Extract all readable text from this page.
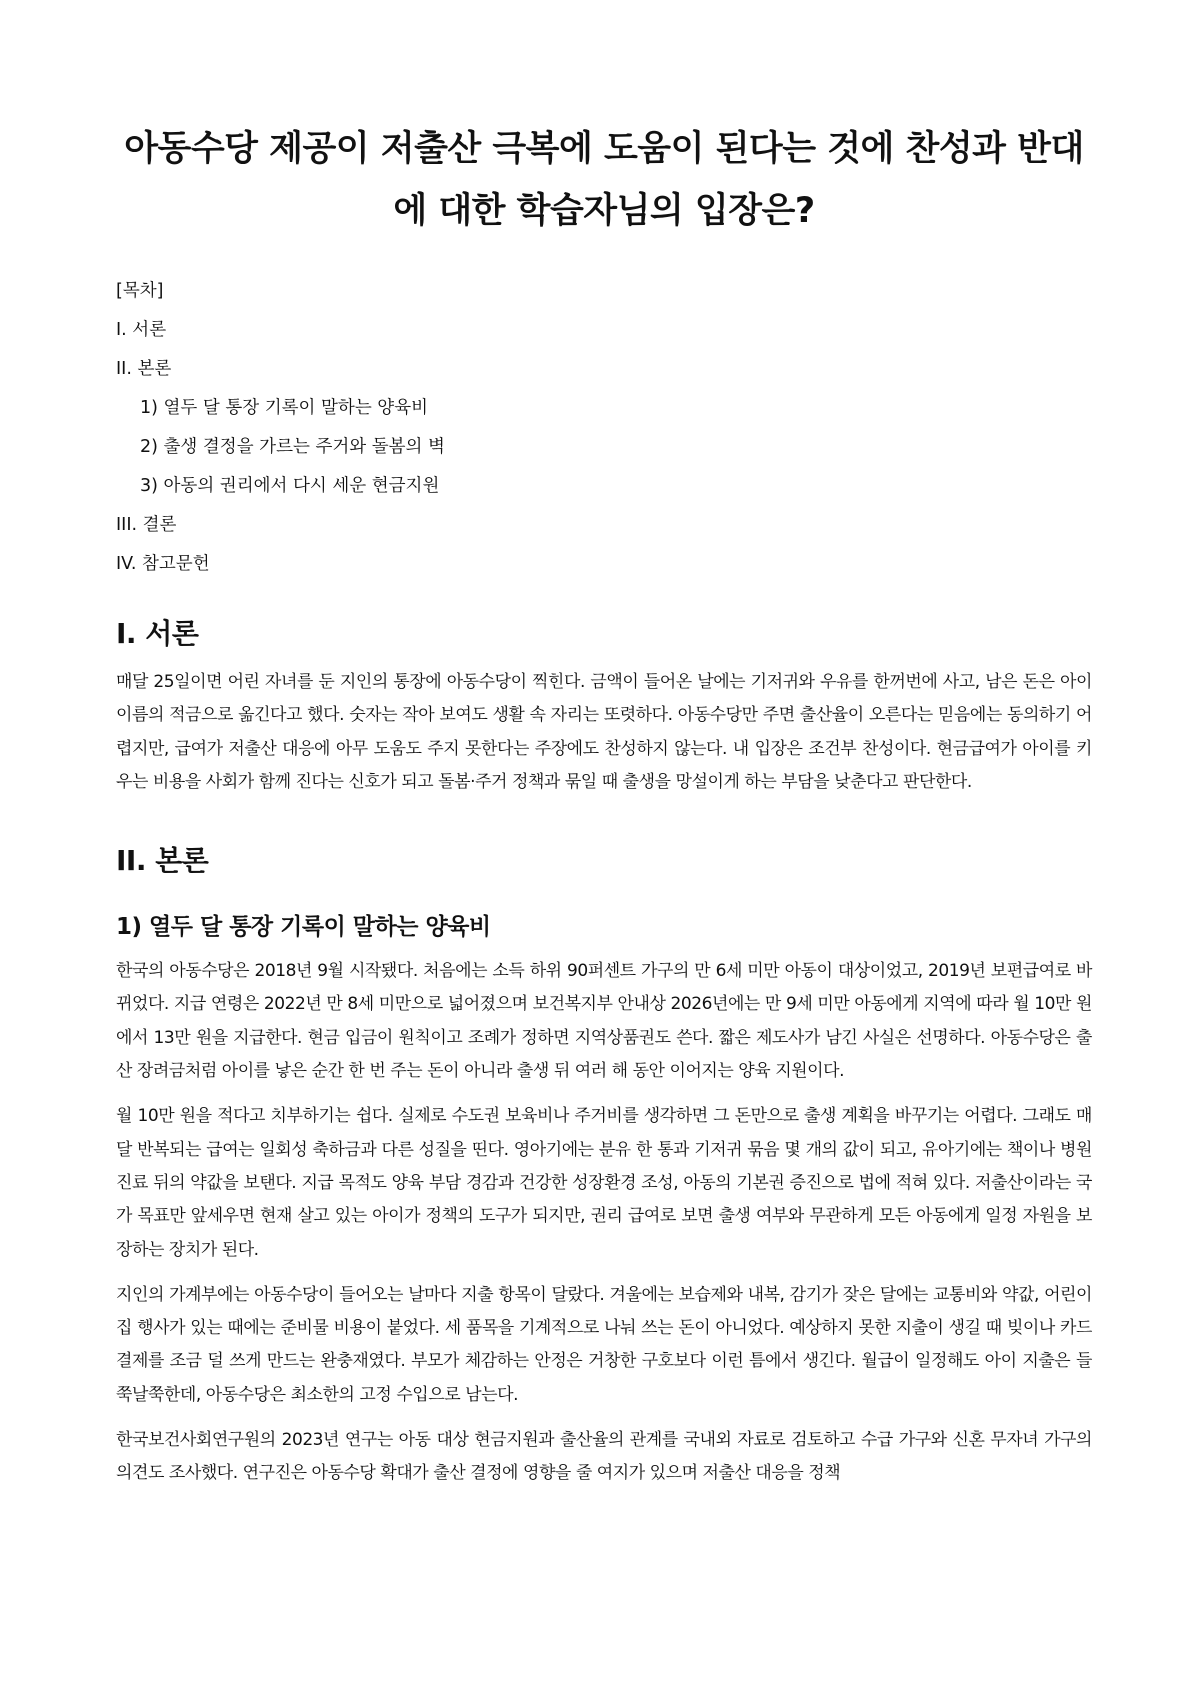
아동수당 제공이 저출산 극복에 도움이 된다는 것에 찬성과 반대에 대한 학습자님의 입장은?
[목차]
I. 서론
II. 본론
1) 열두 달 통장 기록이 말하는 양육비
2) 출생 결정을 가르는 주거와 돌봄의 벽
3) 아동의 권리에서 다시 세운 현금지원
III. 결론
IV. 참고문헌
I. 서론

매달 25일이면 어린 자녀를 둔 지인의 통장에 아동수당이 찍힌다. 금액이 들어온 날에는 기저귀와 우유를 한꺼번에 사고, 남은 돈은 아이 이름의 적금으로 옮긴다고 했다. 숫자는 작아 보여도 생활 속 자리는 또렷하다. 아동수당만 주면 출산율이 오른다는 믿음에는 동의하기 어렵지만, 급여가 저출산 대응에 아무 도움도 주지 못한다는 주장에도 찬성하지 않는다. 내 입장은 조건부 찬성이다. 현금급여가 아이를 키우는 비용을 사회가 함께 진다는 신호가 되고 돌봄·주거 정책과 묶일 때 출생을 망설이게 하는 부담을 낮춘다고 판단한다.

II. 본론
1) 열두 달 통장 기록이 말하는 양육비

한국의 아동수당은 2018년 9월 시작됐다. 처음에는 소득 하위 90퍼센트 가구의 만 6세 미만 아동이 대상이었고, 2019년 보편급여로 바뀌었다. 지급 연령은 2022년 만 8세 미만으로 넓어졌으며 보건복지부 안내상 2026년에는 만 9세 미만 아동에게 지역에 따라 월 10만 원에서 13만 원을 지급한다. 현금 입금이 원칙이고 조례가 정하면 지역상품권도 쓴다. 짧은 제도사가 남긴 사실은 선명하다. 아동수당은 출산 장려금처럼 아이를 낳은 순간 한 번 주는 돈이 아니라 출생 뒤 여러 해 동안 이어지는 양육 지원이다.

월 10만 원을 적다고 치부하기는 쉽다. 실제로 수도권 보육비나 주거비를 생각하면 그 돈만으로 출생 계획을 바꾸기는 어렵다. 그래도 매달 반복되는 급여는 일회성 축하금과 다른 성질을 띤다. 영아기에는 분유 한 통과 기저귀 묶음 몇 개의 값이 되고, 유아기에는 책이나 병원 진료 뒤의 약값을 보탠다. 지급 목적도 양육 부담 경감과 건강한 성장환경 조성, 아동의 기본권 증진으로 법에 적혀 있다. 저출산이라는 국가 목표만 앞세우면 현재 살고 있는 아이가 정책의 도구가 되지만, 권리 급여로 보면 출생 여부와 무관하게 모든 아동에게 일정 자원을 보장하는 장치가 된다.

지인의 가계부에는 아동수당이 들어오는 날마다 지출 항목이 달랐다. 겨울에는 보습제와 내복, 감기가 잦은 달에는 교통비와 약값, 어린이집 행사가 있는 때에는 준비물 비용이 붙었다. 세 품목을 기계적으로 나눠 쓰는 돈이 아니었다. 예상하지 못한 지출이 생길 때 빚이나 카드 결제를 조금 덜 쓰게 만드는 완충재였다. 부모가 체감하는 안정은 거창한 구호보다 이런 틈에서 생긴다. 월급이 일정해도 아이 지출은 들쭉날쭉한데, 아동수당은 최소한의 고정 수입으로 남는다.

한국보건사회연구원의 2023년 연구는 아동 대상 현금지원과 출산율의 관계를 국내외 자료로 검토하고 수급 가구와 신혼 무자녀 가구의 의견도 조사했다. 연구진은 아동수당 확대가 출산 결정에 영향을 줄 여지가 있으며 저출산 대응을 정책
